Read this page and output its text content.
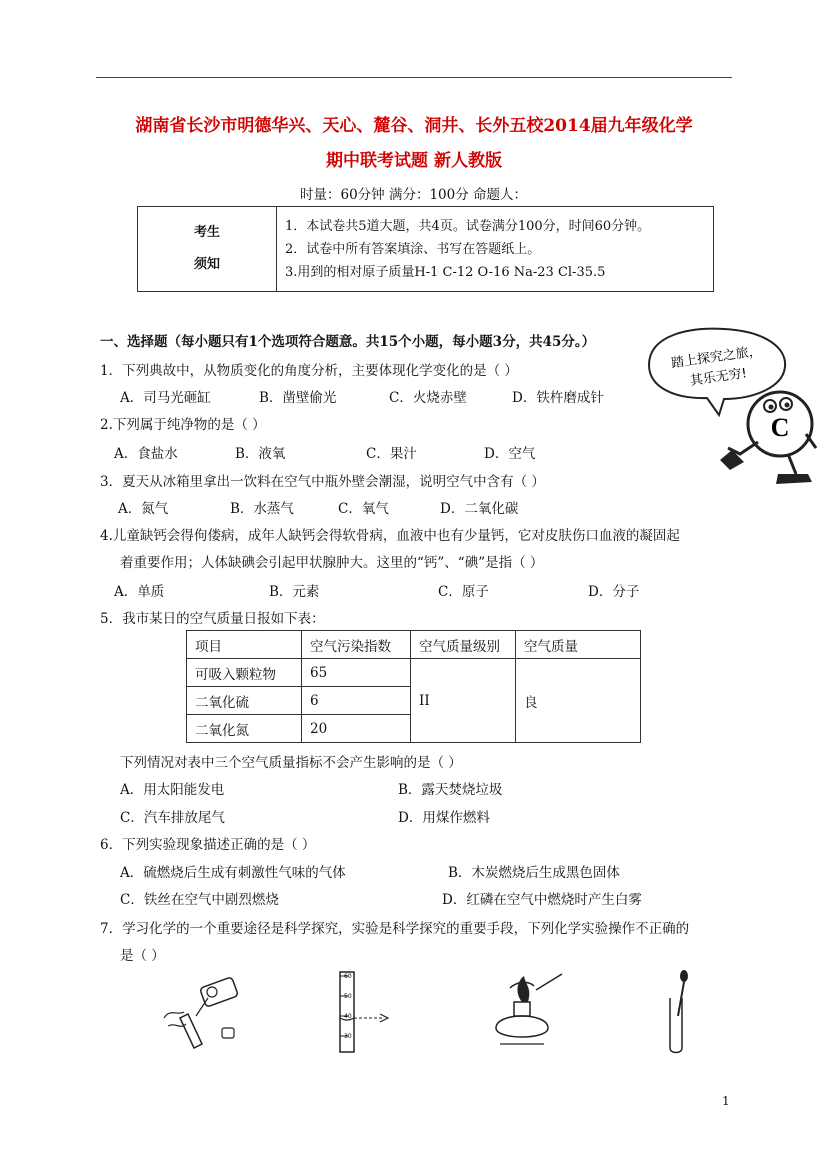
湖南省长沙市明德华兴、天心、麓谷、洞井、长外五校2014届九年级化学
期中联考试题 新人教版
时量：60分钟 满分：100分 命题人：
考生
须知

1．本试卷共5道大题，共4页。试卷满分100分，时间60分钟。
2．试卷中所有答案填涂、书写在答题纸上。
3.用到的相对原子质量H-1 C-12 O-16 Na-23 Cl-35.5
一、选择题（每小题只有1个选项符合题意。共15个小题，每小题3分，共45分。）
踏上探究之旅，
其乐无穷!
C
1．下列典故中，从物质变化的角度分析，主要体现化学变化的是（ ）
A．司马光砸缸	B．凿壁偷光	C．火烧赤壁	D．铁杵磨成针
2.下列属于纯净物的是（ ）
A．食盐水	B．液氧	C．果汁	D．空气
3．夏天从冰箱里拿出一饮料在空气中瓶外壁会潮湿，说明空气中含有（ ）
A．氮气	B．水蒸气	C．氧气	D．二氧化碳
4.儿童缺钙会得佝偻病，成年人缺钙会得软骨病，血液中也有少量钙，它对皮肤伤口血液的凝固起
着重要作用；人体缺碘会引起甲状腺肿大。这里的“钙”、“碘”是指（ ）
A．单质	B．元素	C．原子	D．分子
5．我市某日的空气质量日报如下表：
项目	空气污染指数	空气质量级别	空气质量
可吸入颗粒物	65	II	良
二氧化硫	6		
二氧化氮	20		
下列情况对表中三个空气质量指标不会产生影响的是（ ）
A．用太阳能发电	B．露天焚烧垃圾
C．汽车排放尾气	D．用煤作燃料
6．下列实验现象描述正确的是（ ）
A．硫燃烧后生成有刺激性气味的气体	B．木炭燃烧后生成黑色固体
C．铁丝在空气中剧烈燃烧	D．红磷在空气中燃烧时产生白雾
7．学习化学的一个重要途径是科学探究，实验是科学探究的重要手段，下列化学实验操作不正确的
是（ ）
60
50
40
30
1
